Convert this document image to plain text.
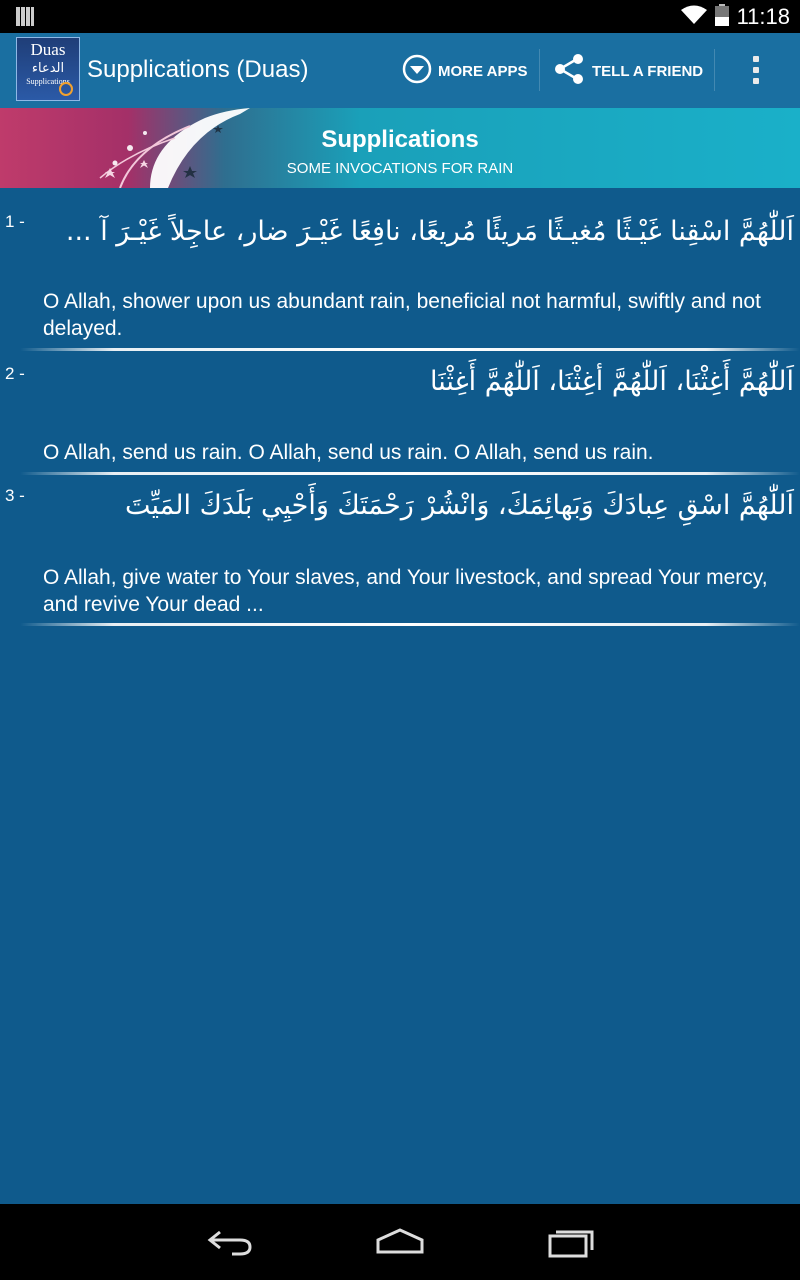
11:18
Duas
الدعاء
Supplications Supplications (Duas)	MORE APPS	TELL A FRIEND
Supplications
SOME INVOCATIONS FOR RAIN
1 - اَللّٰهُمَّ اسْقِنا غَيْـثًا مُغيـثًا مَريئًا مُريعًا، نافِعًا غَيْـرَ ضار، عاجِلاً غَيْـرَ آ ...
O Allah, shower upon us abundant rain, beneficial not harmful, swiftly and not delayed.
2 -	اَللّٰهُمَّ أَغِثْنَا، اَللّٰهُمَّ أغِثْنَا، اَللّٰهُمَّ أَغِثْنَا
O Allah, send us rain. O Allah, send us rain. O Allah, send us rain.
3 -	اَللّٰهُمَّ اسْقِ عِبادَكَ وَبَهائِمَكَ، وَانْشُرْ رَحْمَتَكَ وَأَحْيِي بَلَدَكَ المَيِّتَ
O Allah, give water to Your slaves, and Your livestock, and spread Your mercy, and revive Your dead ...
